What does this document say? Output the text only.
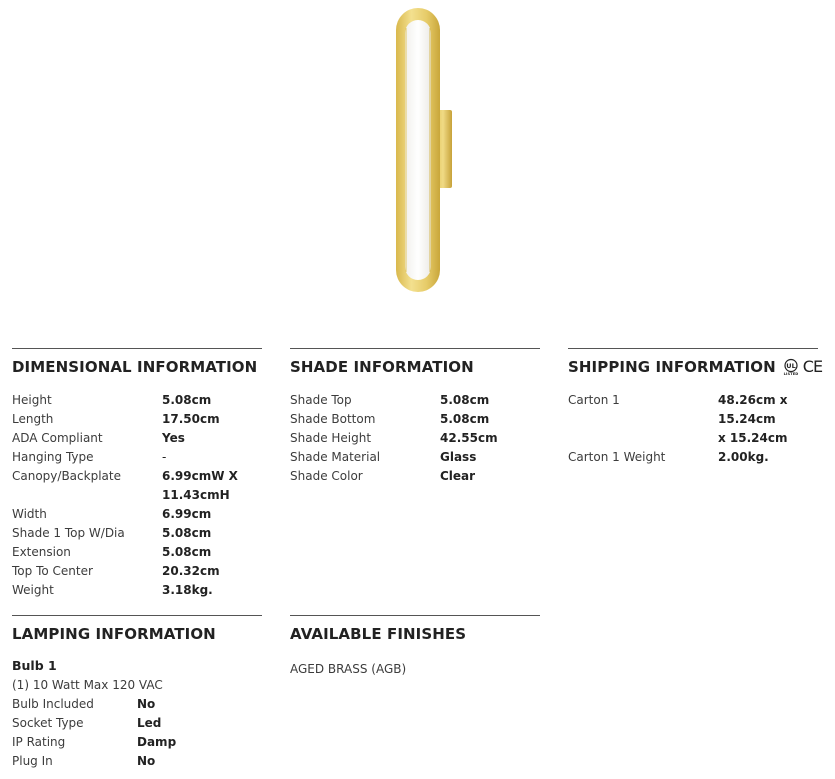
DIMENSIONAL INFORMATION
Height	5.08cm
Length	17.50cm
ADA Compliant	Yes
Hanging Type	-
Canopy/Backplate	6.99cmW X
11.43cmH
Width	6.99cm
Shade 1 Top W/Dia	5.08cm
Extension	5.08cm
Top To Center	20.32cm
Weight	3.18kg.
SHADE INFORMATION
Shade Top	5.08cm
Shade Bottom	5.08cm
Shade Height	42.55cm
Shade Material	Glass
Shade Color	Clear
SHIPPING INFORMATION UL
LISTED CE
Carton 1	48.26cm x 15.24cm
x 15.24cm
Carton 1 Weight	2.00kg.
LAMPING INFORMATION
Bulb 1
(1) 10 Watt Max 120 VAC
Bulb Included	No
Socket Type	Led
IP Rating	Damp
Plug In	No
AVAILABLE FINISHES
AGED BRASS (AGB)
